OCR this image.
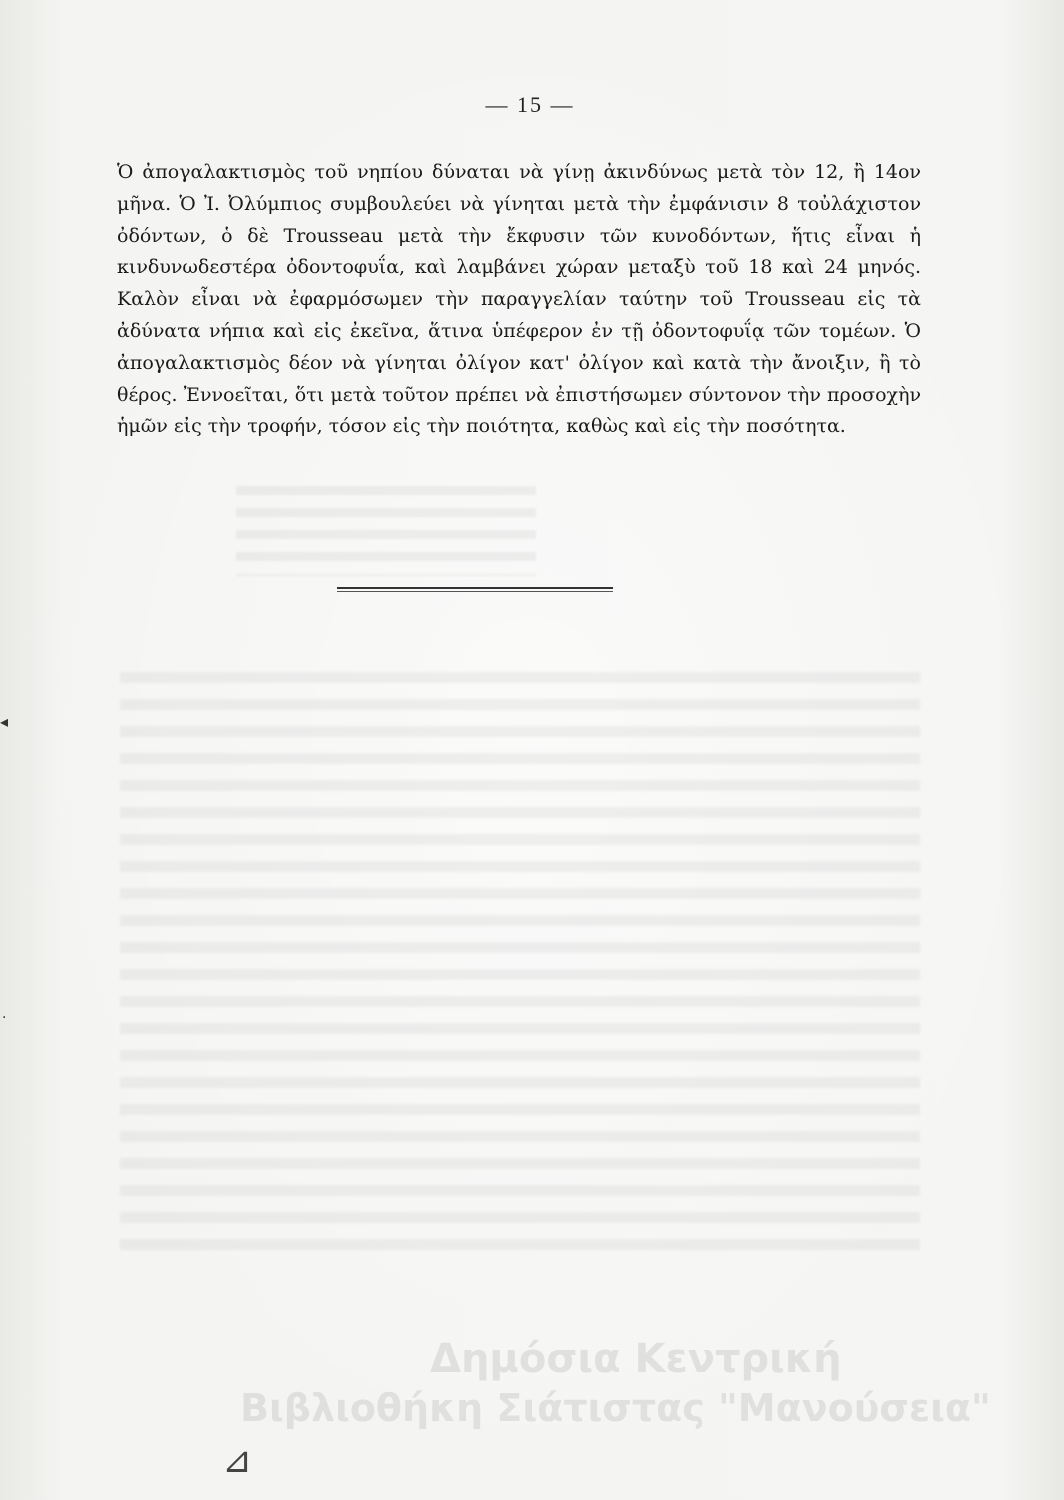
— 15 —

Ὁ ἀπογαλακτισμὸς τοῦ νηπίου δύναται νὰ γίνῃ ἀκινδύνως μετὰ τὸν 12, ἢ 14ον μῆνα. Ὁ Ἰ. Ὀλύμπιος συμβουλεύει νὰ γίνηται μετὰ τὴν ἐμφάνισιν 8 τοὐλάχιστον ὀδόντων, ὁ δὲ Trousseau μετὰ τὴν ἔκφυσιν τῶν κυνοδόντων, ἥτις εἶναι ἡ κινδυνωδεστέρα ὀδοντοφυΐα, καὶ λαμβάνει χώραν μεταξὺ τοῦ 18 καὶ 24 μηνός. Καλὸν εἶναι νὰ ἐφαρμόσωμεν τὴν παραγγελίαν ταύτην τοῦ Trousseau εἰς τὰ ἀδύνατα νήπια καὶ εἰς ἐκεῖνα, ἅτινα ὑπέφερον ἐν τῇ ὀδοντοφυΐᾳ τῶν τομέων. Ὁ ἀπογαλακτισμὸς δέον νὰ γίνηται ὀλίγον κατ' ὀλίγον καὶ κατὰ τὴν ἄνοιξιν, ἢ τὸ θέρος. Ἐννοεῖται, ὅτι μετὰ τοῦτον πρέπει νὰ ἐπιστήσωμεν σύντονον τὴν προσοχὴν ἡμῶν εἰς τὴν τροφήν, τόσον εἰς τὴν ποιότητα, καθὼς καὶ εἰς τὴν ποσότητα.

Δημόσια Κεντρική
Βιβλιοθήκη Σιάτιστας "Μανούσεια"
◂
·
⊿
